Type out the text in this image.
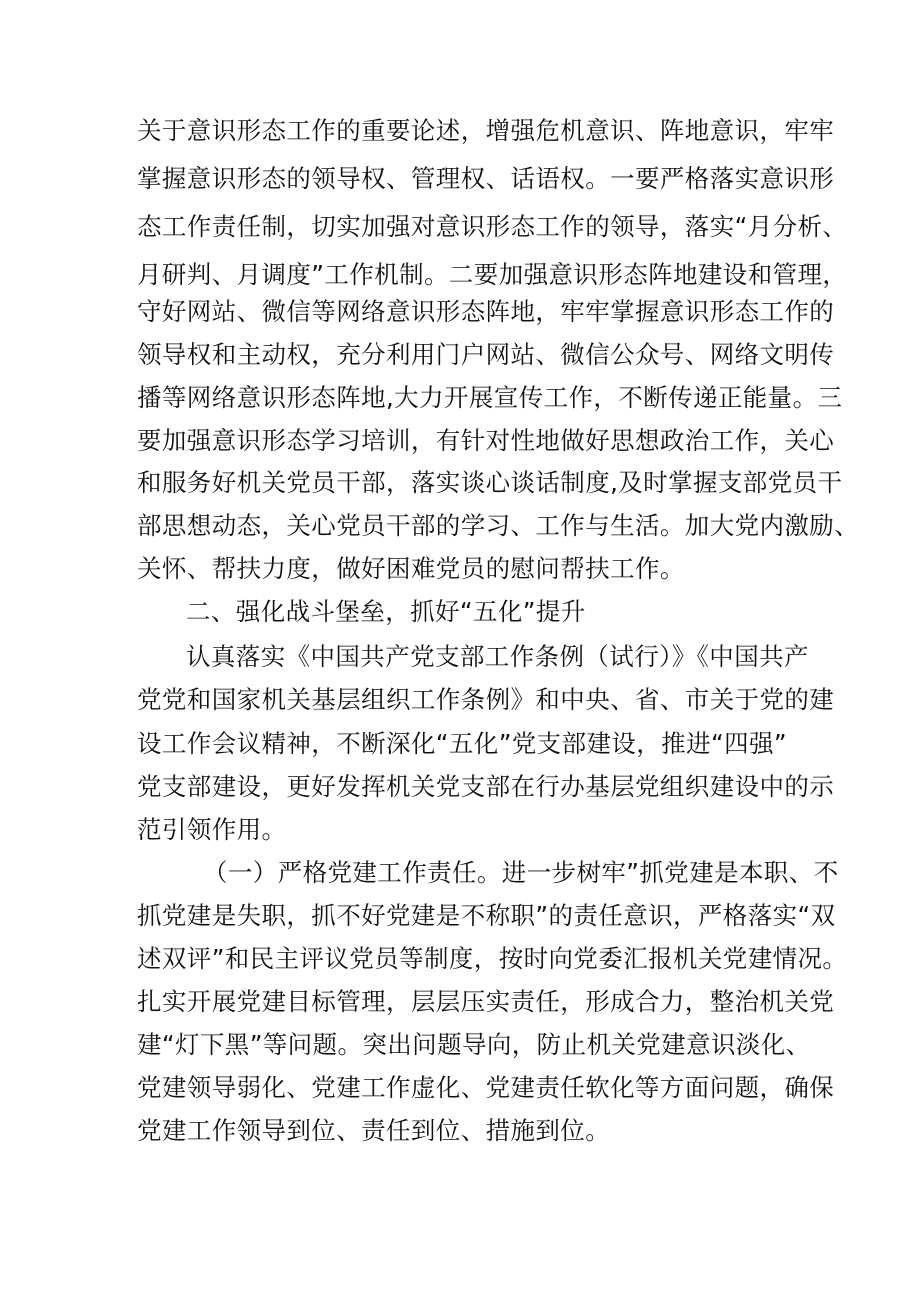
关于意识形态工作的重要论述，增强危机意识、阵地意识，牢牢
掌握意识形态的领导权、管理权、话语权。一要严格落实意识形
态工作责任制，切实加强对意识形态工作的领导，落实“月分析、
月研判、月调度”工作机制。二要加强意识形态阵地建设和管理，
守好网站、微信等网络意识形态阵地，牢牢掌握意识形态工作的
领导权和主动权，充分利用门户网站、微信公众号、网络文明传
播等网络意识形态阵地,大力开展宣传工作，不断传递正能量。三
要加强意识形态学习培训，有针对性地做好思想政治工作，关心
和服务好机关党员干部，落实谈心谈话制度,及时掌握支部党员干
部思想动态，关心党员干部的学习、工作与生活。加大党内激励、
关怀、帮扶力度，做好困难党员的慰问帮扶工作。
二、强化战斗堡垒，抓好“五化”提升
认真落实《中国共产党支部工作条例（试行）》《中国共产
党党和国家机关基层组织工作条例》和中央、省、市关于党的建
设工作会议精神，不断深化“五化”党支部建设，推进“四强”
党支部建设，更好发挥机关党支部在行办基层党组织建设中的示
范引领作用。
（一）严格党建工作责任。进一步树牢”抓党建是本职、不
抓党建是失职，抓不好党建是不称职”的责任意识，严格落实“双
述双评”和民主评议党员等制度，按时向党委汇报机关党建情况。
扎实开展党建目标管理，层层压实责任，形成合力，整治机关党
建“灯下黑”等问题。突出问题导向，防止机关党建意识淡化、
党建领导弱化、党建工作虚化、党建责任软化等方面问题，确保
党建工作领导到位、责任到位、措施到位。
